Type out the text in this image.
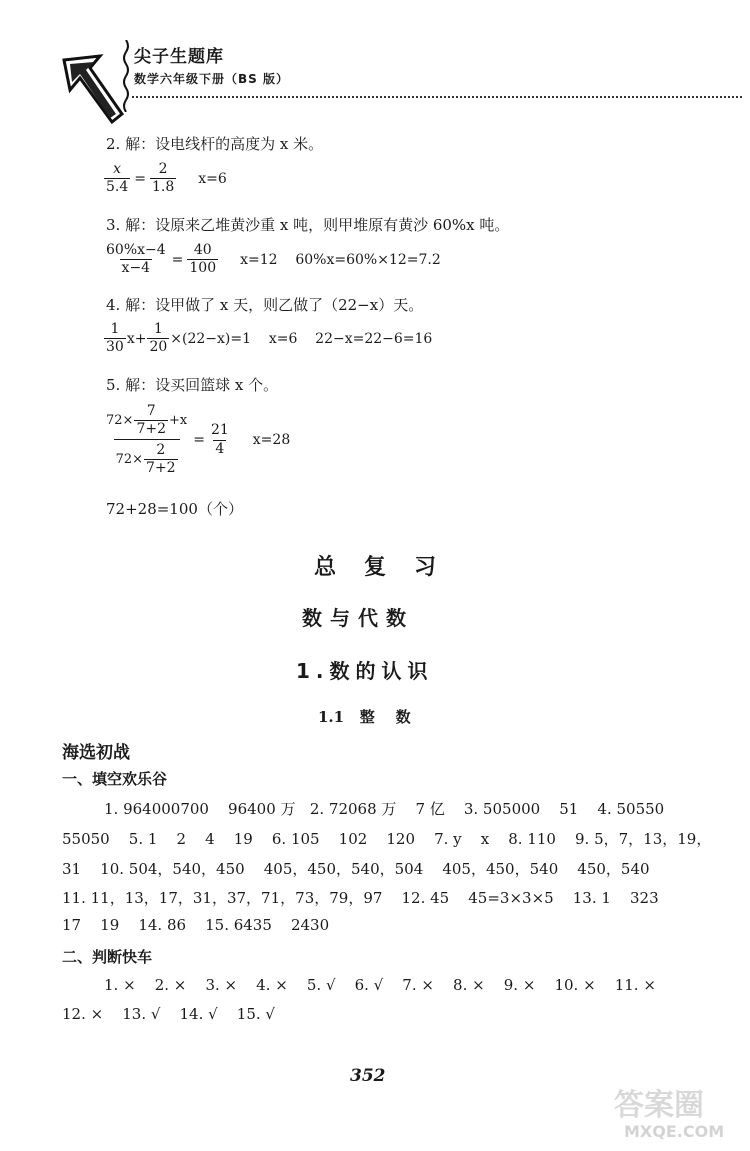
尖子生题库
数学六年级下册（BS 版）
2. 解：设电线杆的高度为 x 米。
$\frac{x}{5.4} = \frac{2}{1.8} x=6$
3. 解：设原来乙堆黄沙重 x 吨，则甲堆原有黄沙 60%x 吨。
$\frac{60\%x-4}{x-4} = \frac{40}{100} x=12$    60%x=60%×12=7.2
4. 解：设甲做了 x 天，则乙做了（22−x）天。
$\frac{1}{30} x+ \frac{1}{20} \times(22-x)=1$    x=6    22−x=22−6=16
5. 解：设买回篮球 x 个。
$\frac{72\times \frac{7}{7+2} +x}{72\times \frac{2}{7+2}} = \frac{21}{4} x=28$
72+28=100（个）
总复习
数与代数
1.数的认识
1.1   整    数
海选初战
一、填空欢乐谷
1. 964000700    96400 万   2. 72068 万    7 亿    3. 505000    51    4. 50550
55050    5. 1    2    4    19    6. 105    102    120    7. y    x    8. 110    9. 5，7，13，19，
31    10. 504，540，450    405，450，540，504    405，450，540    450，540
11. 11，13，17，31，37，71，73，79，97    12. 45    45=3×3×5    13. 1    323
17    19    14. 86    15. 6435    2430
二、判断快车
1. ×    2. ×    3. ×    4. ×    5. √    6. √    7. ×    8. ×    9. ×    10. ×    11. ×
12. ×    13. √    14. √    15. √
352
答案圈
MXQE.COM
